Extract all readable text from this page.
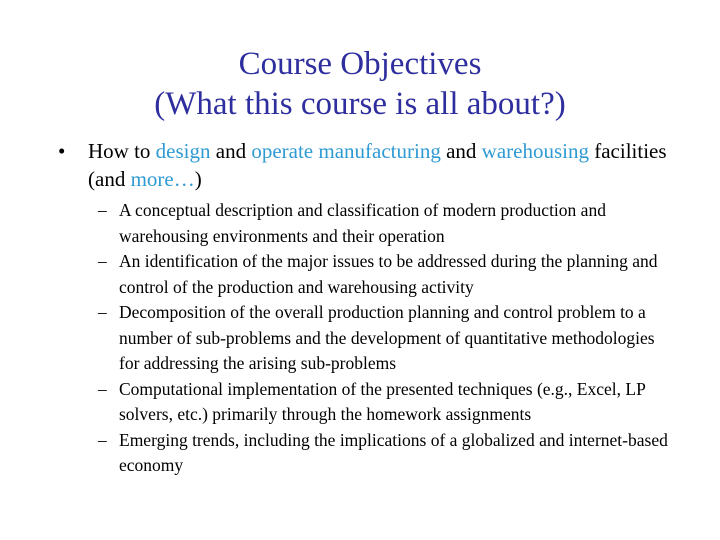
Course Objectives
(What this course is all about?)
•	How to design and operate manufacturing and warehousing facilities (and more…)
– A conceptual description and classification of modern production and warehousing environments and their operation
– An identification of the major issues to be addressed during the planning and control of the production and warehousing activity
– Decomposition of the overall production planning and control problem to a number of sub-problems and the development of quantitative methodologies for addressing the arising sub-problems
– Computational implementation of the presented techniques (e.g., Excel, LP solvers, etc.) primarily through the homework assignments
– Emerging trends, including the implications of a globalized and internet-based economy
